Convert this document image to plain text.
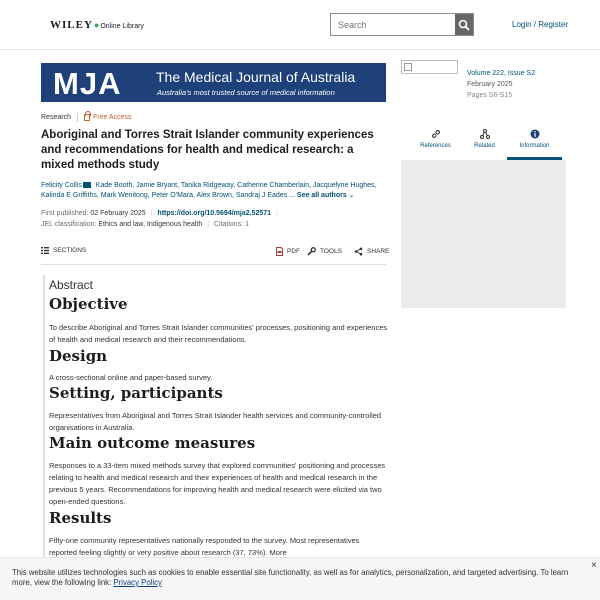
WILEY ● Online Library
Search	Login / Register
MJA The Medical Journal of Australia
Australia's most trusted source of medical information
Research	Free Access
Aboriginal and Torres Strait Islander community experiences and recommendations for health and medical research: a mixed methods study
Felicity Collis Kade Booth, Jamie Bryant, Tanika Ridgeway, Catherine Chamberlain, Jacquelyne Hughes, Kalinda E Griffiths, Mark Wenitong, Peter O'Mara, Alex Brown, Sandraj J Eades ... See all authors ⌄
First published: 02 February 2025 | https://doi.org/10.5694/mja2.52571 |
JEL classification: Ethics and law, Indigenous health | Citations: 1
SECTIONS	PDF	TOOLS	SHARE
Abstract
Objective
To describe Aboriginal and Torres Strait Islander communities' processes, positioning and experiences of health and medical research and their recommendations.
Design
A cross-sectional online and paper-based survey.
Setting, participants
Representatives from Aboriginal and Torres Strait Islander health services and community-controlled organisations in Australia.
Main outcome measures
Responses to a 33-item mixed methods survey that explored communities' positioning and processes relating to health and medical research and their experiences of health and medical research in the previous 5 years. Recommendations for improving health and medical research were elicited via two open-ended questions.
Results
Fifty-one community representatives nationally responded to the survey. Most representatives reported feeling slightly or very positive about research (37, 73%). More
Volume 222, Issue S2
February 2025
Pages S6-S15
References	Related	Information
This website utilizes technologies such as cookies to enable essential site functionality, as well as for analytics, personalization, and targeted advertising. To learn more, view the following link: Privacy Policy
×
